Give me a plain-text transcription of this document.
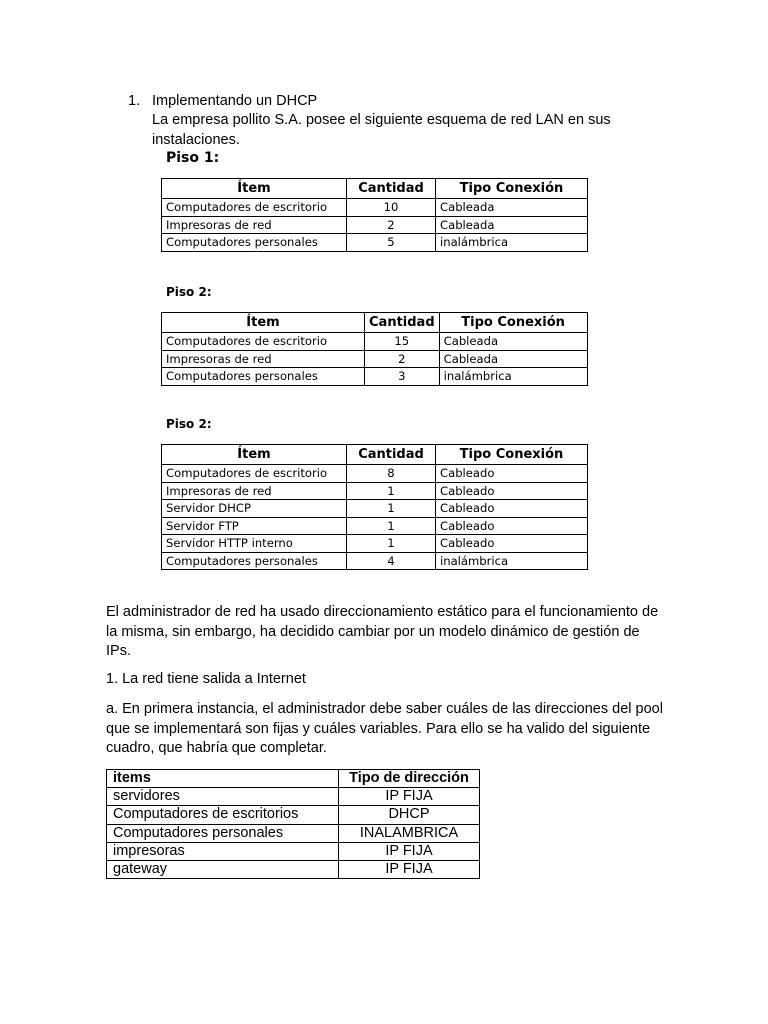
1. Implementando un DHCP
La empresa pollito S.A. posee el siguiente esquema de red LAN en sus instalaciones.
Piso 1:
Ítem	Cantidad	Tipo Conexión
Computadores de escritorio	10	Cableada
Impresoras de red	2	Cableada
Computadores personales	5	inalámbrica
Piso 2:
Ítem	Cantidad	Tipo Conexión
Computadores de escritorio	15	Cableada
Impresoras de red	2	Cableada
Computadores personales	3	inalámbrica
Piso 2:
Ítem	Cantidad	Tipo Conexión
Computadores de escritorio	8	Cableado
Impresoras de red	1	Cableado
Servidor DHCP	1	Cableado
Servidor FTP	1	Cableado
Servidor HTTP interno	1	Cableado
Computadores personales	4	inalámbrica
El administrador de red ha usado direccionamiento estático para el funcionamiento de la misma, sin embargo, ha decidido cambiar por un modelo dinámico de gestión de IPs.
1. La red tiene salida a Internet
a. En primera instancia, el administrador debe saber cuáles de las direcciones del pool que se implementará son fijas y cuáles variables. Para ello se ha valido del siguiente cuadro, que habría que completar.
items	Tipo de dirección
servidores	IP FIJA
Computadores de escritorios	DHCP
Computadores personales	INALAMBRICA
impresoras	IP FIJA
gateway	IP FIJA
